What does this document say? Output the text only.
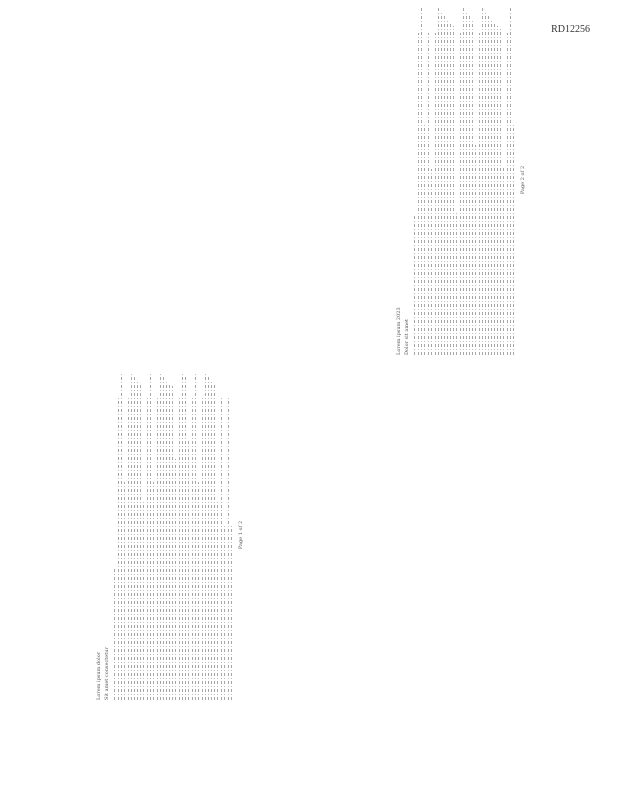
RD12256
Lorem ipsum dolor Sit amet consectetur
Page 1 of 2
Lorem ipsum 2023 Dolor sit amet
Page 2 of 2
